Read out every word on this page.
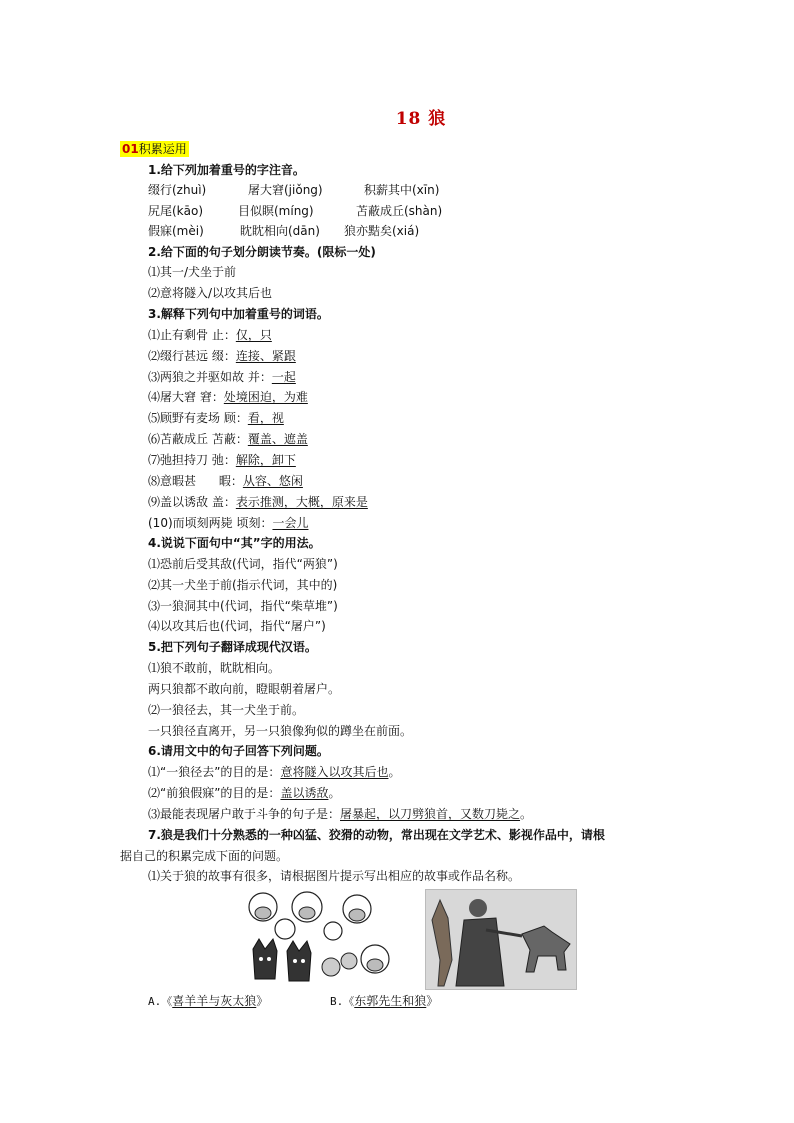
18 狼
01积累运用
1.给下列加着重号的字注音。
缀行(zhuì)	屠大窘(jiǒng)	积薪其中(xīn)
尻尾(kāo)	目似瞑(míng)	苫蔽成丘(shàn)
假寐(mèi)	眈眈相向(dān) 狼亦黠矣(xiá)
2.给下面的句子划分朗读节奏。(限标一处)
⑴其一/犬坐于前
⑵意将隧入/以攻其后也
3.解释下列句中加着重号的词语。
⑴止有剩骨 止：仅，只
⑵缀行甚远 缀：连接、紧跟
⑶两狼之并驱如故 并：一起
⑷屠大窘 窘：处境困迫，为难
⑸顾野有麦场 顾：看，视
⑹苫蔽成丘 苫蔽：覆盖、遮盖
⑺弛担持刀 弛：解除，卸下
⑻意暇甚      暇：从容、悠闲
⑼盖以诱敌 盖：表示推测，大概，原来是
(10)而顷刻两毙 顷刻：一会儿
4.说说下面句中“其”字的用法。
⑴恐前后受其敌(代词，指代“两狼”)
⑵其一犬坐于前(指示代词，其中的)
⑶一狼洞其中(代词，指代“柴草堆”)
⑷以攻其后也(代词，指代“屠户”)
5.把下列句子翻译成现代汉语。
⑴狼不敢前，眈眈相向。
两只狼都不敢向前，瞪眼朝着屠户。
⑵一狼径去，其一犬坐于前。
一只狼径直离开，另一只狼像狗似的蹲坐在前面。
6.请用文中的句子回答下列问题。
⑴“一狼径去”的目的是：意将隧入以攻其后也。
⑵“前狼假寐”的目的是：盖以诱敌。
⑶最能表现屠户敢于斗争的句子是：屠暴起，以刀劈狼首，又数刀毙之。
7.狼是我们十分熟悉的一种凶猛、狡猾的动物，常出现在文学艺术、影视作品中，请根
据自己的积累完成下面的问题。
⑴关于狼的故事有很多，请根据图片提示写出相应的故事或作品名称。
A.《喜羊羊与灰太狼》	B.《东郭先生和狼》
